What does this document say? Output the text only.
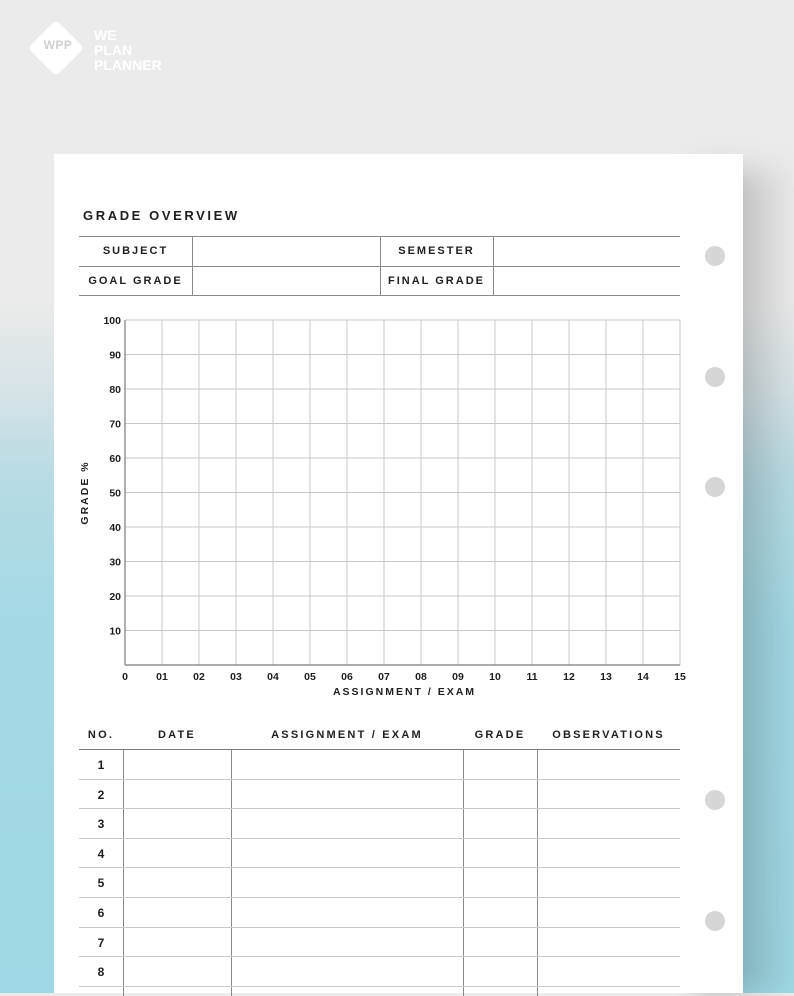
WPP
WE
PLAN
PLANNER
GRADE OVERVIEW
SUBJECT	SEMESTER
GOAL GRADE	FINAL GRADE
0	01 02 03 04 05 06 07 08 09 10 11 12 13 14 15
10
20
30
40
50
60
70
80
90
100
ASSIGNMENT / EXAM
GRADE %
NO.	DATE	ASSIGNMENT / EXAM	GRADE	OBSERVATIONS
1
2
3
4
5
6
7
8
